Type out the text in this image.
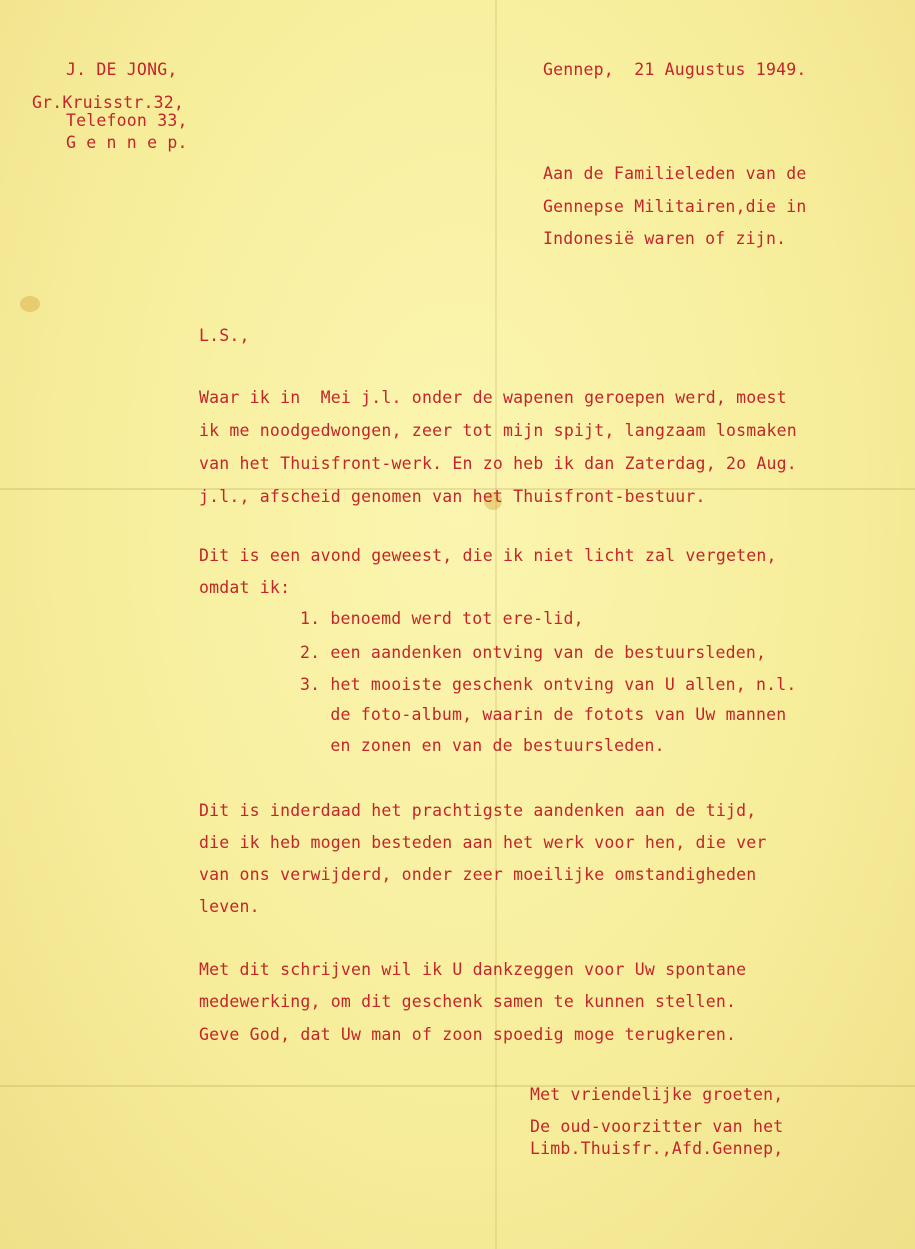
J. DE JONG,
Gr.Kruisstr.32,
Telefoon 33,
G e n n e p.
Gennep,  21 Augustus 1949.
Aan de Familieleden van de
Gennepse Militairen,die in
Indonesië waren of zijn.
L.S.,
Waar ik in  Mei j.l. onder de wapenen geroepen werd, moest
ik me noodgedwongen, zeer tot mijn spijt, langzaam losmaken
van het Thuisfront-werk. En zo heb ik dan Zaterdag, 2o Aug.
j.l., afscheid genomen van het Thuisfront-bestuur.
Dit is een avond geweest, die ik niet licht zal vergeten,
omdat ik:
1. benoemd werd tot ere-lid,
2. een aandenken ontving van de bestuursleden,
3. het mooiste geschenk ontving van U allen, n.l.
de foto-album, waarin de fotots van Uw mannen
en zonen en van de bestuursleden.
Dit is inderdaad het prachtigste aandenken aan de tijd,
die ik heb mogen besteden aan het werk voor hen, die ver
van ons verwijderd, onder zeer moeilijke omstandigheden
leven.
Met dit schrijven wil ik U dankzeggen voor Uw spontane
medewerking, om dit geschenk samen te kunnen stellen.
Geve God, dat Uw man of zoon spoedig moge terugkeren.
Met vriendelijke groeten,
De oud-voorzitter van het
Limb.Thuisfr.,Afd.Gennep,
